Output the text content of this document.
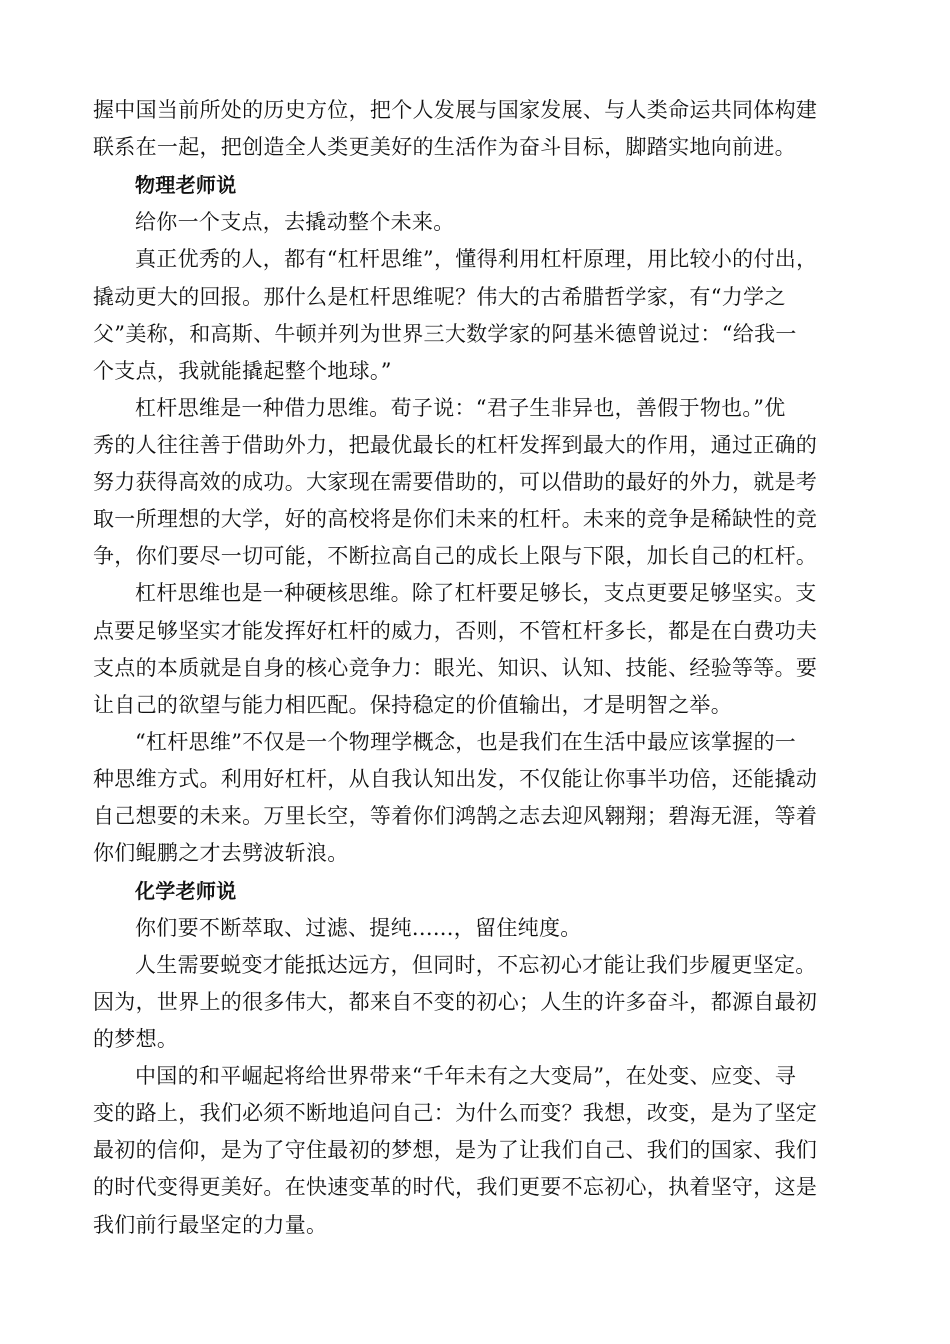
握中国当前所处的历史方位，把个人发展与国家发展、与人类命运共同体构建
联系在一起，把创造全人类更美好的生活作为奋斗目标，脚踏实地向前进。
物理老师说
给你一个支点，去撬动整个未来。
真正优秀的人，都有“杠杆思维”，懂得利用杠杆原理，用比较小的付出，
撬动更大的回报。那什么是杠杆思维呢？伟大的古希腊哲学家，有“力学之
父”美称，和高斯、牛顿并列为世界三大数学家的阿基米德曾说过：“给我一
个支点，我就能撬起整个地球。”
杠杆思维是一种借力思维。荀子说：“君子生非异也，善假于物也。”优
秀的人往往善于借助外力，把最优最长的杠杆发挥到最大的作用，通过正确的
努力获得高效的成功。大家现在需要借助的，可以借助的最好的外力，就是考
取一所理想的大学，好的高校将是你们未来的杠杆。未来的竞争是稀缺性的竞
争，你们要尽一切可能，不断拉高自己的成长上限与下限，加长自己的杠杆。
杠杆思维也是一种硬核思维。除了杠杆要足够长，支点更要足够坚实。支
点要足够坚实才能发挥好杠杆的威力，否则，不管杠杆多长，都是在白费功夫
支点的本质就是自身的核心竞争力：眼光、知识、认知、技能、经验等等。要
让自己的欲望与能力相匹配。保持稳定的价值输出，才是明智之举。
“杠杆思维”不仅是一个物理学概念，也是我们在生活中最应该掌握的一
种思维方式。利用好杠杆，从自我认知出发，不仅能让你事半功倍，还能撬动
自己想要的未来。万里长空，等着你们鸿鹄之志去迎风翱翔；碧海无涯，等着
你们鲲鹏之才去劈波斩浪。
化学老师说
你们要不断萃取、过滤、提纯......，留住纯度。
人生需要蜕变才能抵达远方，但同时，不忘初心才能让我们步履更坚定。
因为，世界上的很多伟大，都来自不变的初心；人生的许多奋斗，都源自最初
的梦想。
中国的和平崛起将给世界带来“千年未有之大变局”，在处变、应变、寻
变的路上，我们必须不断地追问自己：为什么而变？我想，改变，是为了坚定
最初的信仰，是为了守住最初的梦想，是为了让我们自己、我们的国家、我们
的时代变得更美好。在快速变革的时代，我们更要不忘初心，执着坚守，这是
我们前行最坚定的力量。
